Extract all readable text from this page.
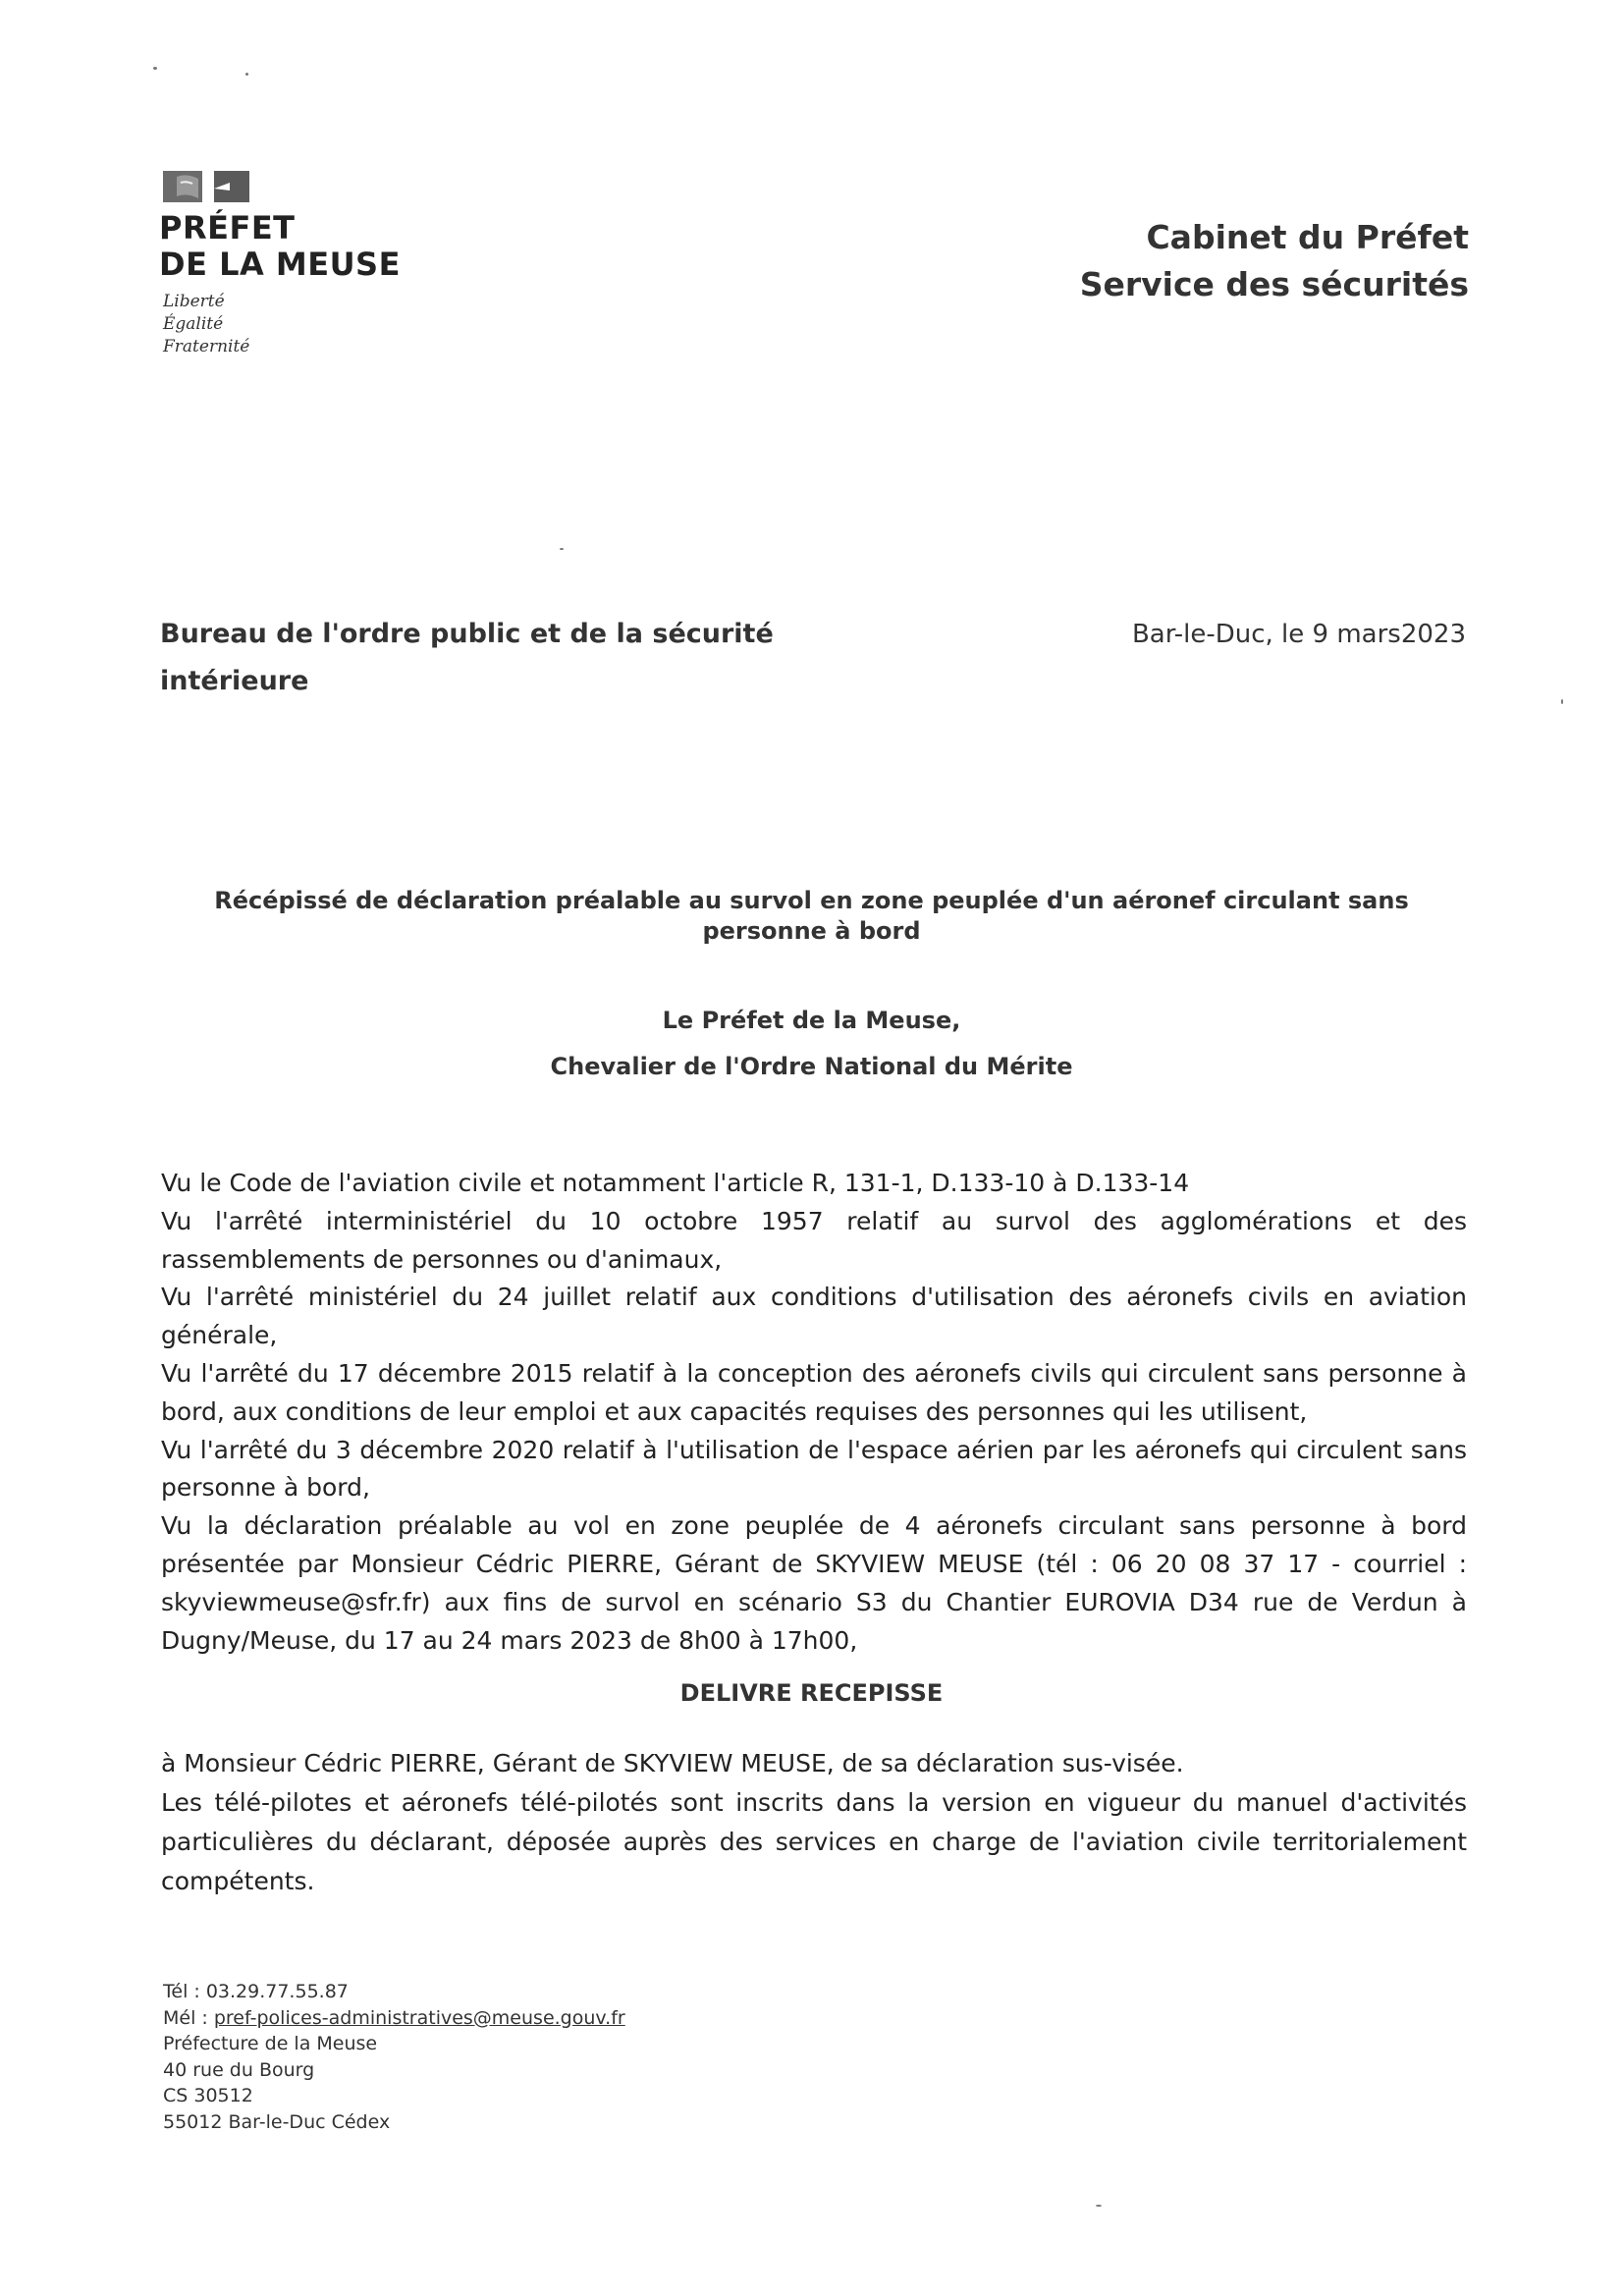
PRÉFET
DE LA MEUSE
Liberté
Égalité
Fraternité
Cabinet du Préfet
Service des sécurités
Bureau de l'ordre public et de la sécurité
intérieure
Bar-le-Duc, le 9 mars2023
Récépissé de déclaration préalable au survol en zone peuplée d'un aéronef circulant sans personne à bord
Le Préfet de la Meuse,
Chevalier de l'Ordre National du Mérite

Vu le Code de l'aviation civile et notamment l'article R, 131-1, D.133-10 à D.133-14

Vu l'arrêté interministériel du 10 octobre 1957 relatif au survol des agglomérations et des rassemblements de personnes ou d'animaux,

Vu l'arrêté ministériel du 24 juillet relatif aux conditions d'utilisation des aéronefs civils en aviation générale,

Vu l'arrêté du 17 décembre 2015 relatif à la conception des aéronefs civils qui circulent sans personne à bord, aux conditions de leur emploi et aux capacités requises des personnes qui les utilisent,

Vu l'arrêté du 3 décembre 2020 relatif à l'utilisation de l'espace aérien par les aéronefs qui circulent sans personne à bord,

Vu la déclaration préalable au vol en zone peuplée de 4 aéronefs circulant sans personne à bord présentée par Monsieur Cédric PIERRE, Gérant de SKYVIEW MEUSE (tél : 06 20 08 37 17 - courriel : skyviewmeuse@sfr.fr) aux fins de survol en scénario S3 du Chantier EUROVIA D34 rue de Verdun à Dugny/Meuse, du 17 au 24 mars 2023 de 8h00 à 17h00,

DELIVRE RECEPISSE

à Monsieur Cédric PIERRE, Gérant de SKYVIEW MEUSE, de sa déclaration sus-visée.

Les télé-pilotes et aéronefs télé-pilotés sont inscrits dans la version en vigueur du manuel d'activités particulières du déclarant, déposée auprès des services en charge de l'aviation civile territorialement compétents.

Tél : 03.29.77.55.87
Mél : pref-polices-administratives@meuse.gouv.fr
Préfecture de la Meuse
40 rue du Bourg
CS 30512
55012 Bar-le-Duc Cédex
